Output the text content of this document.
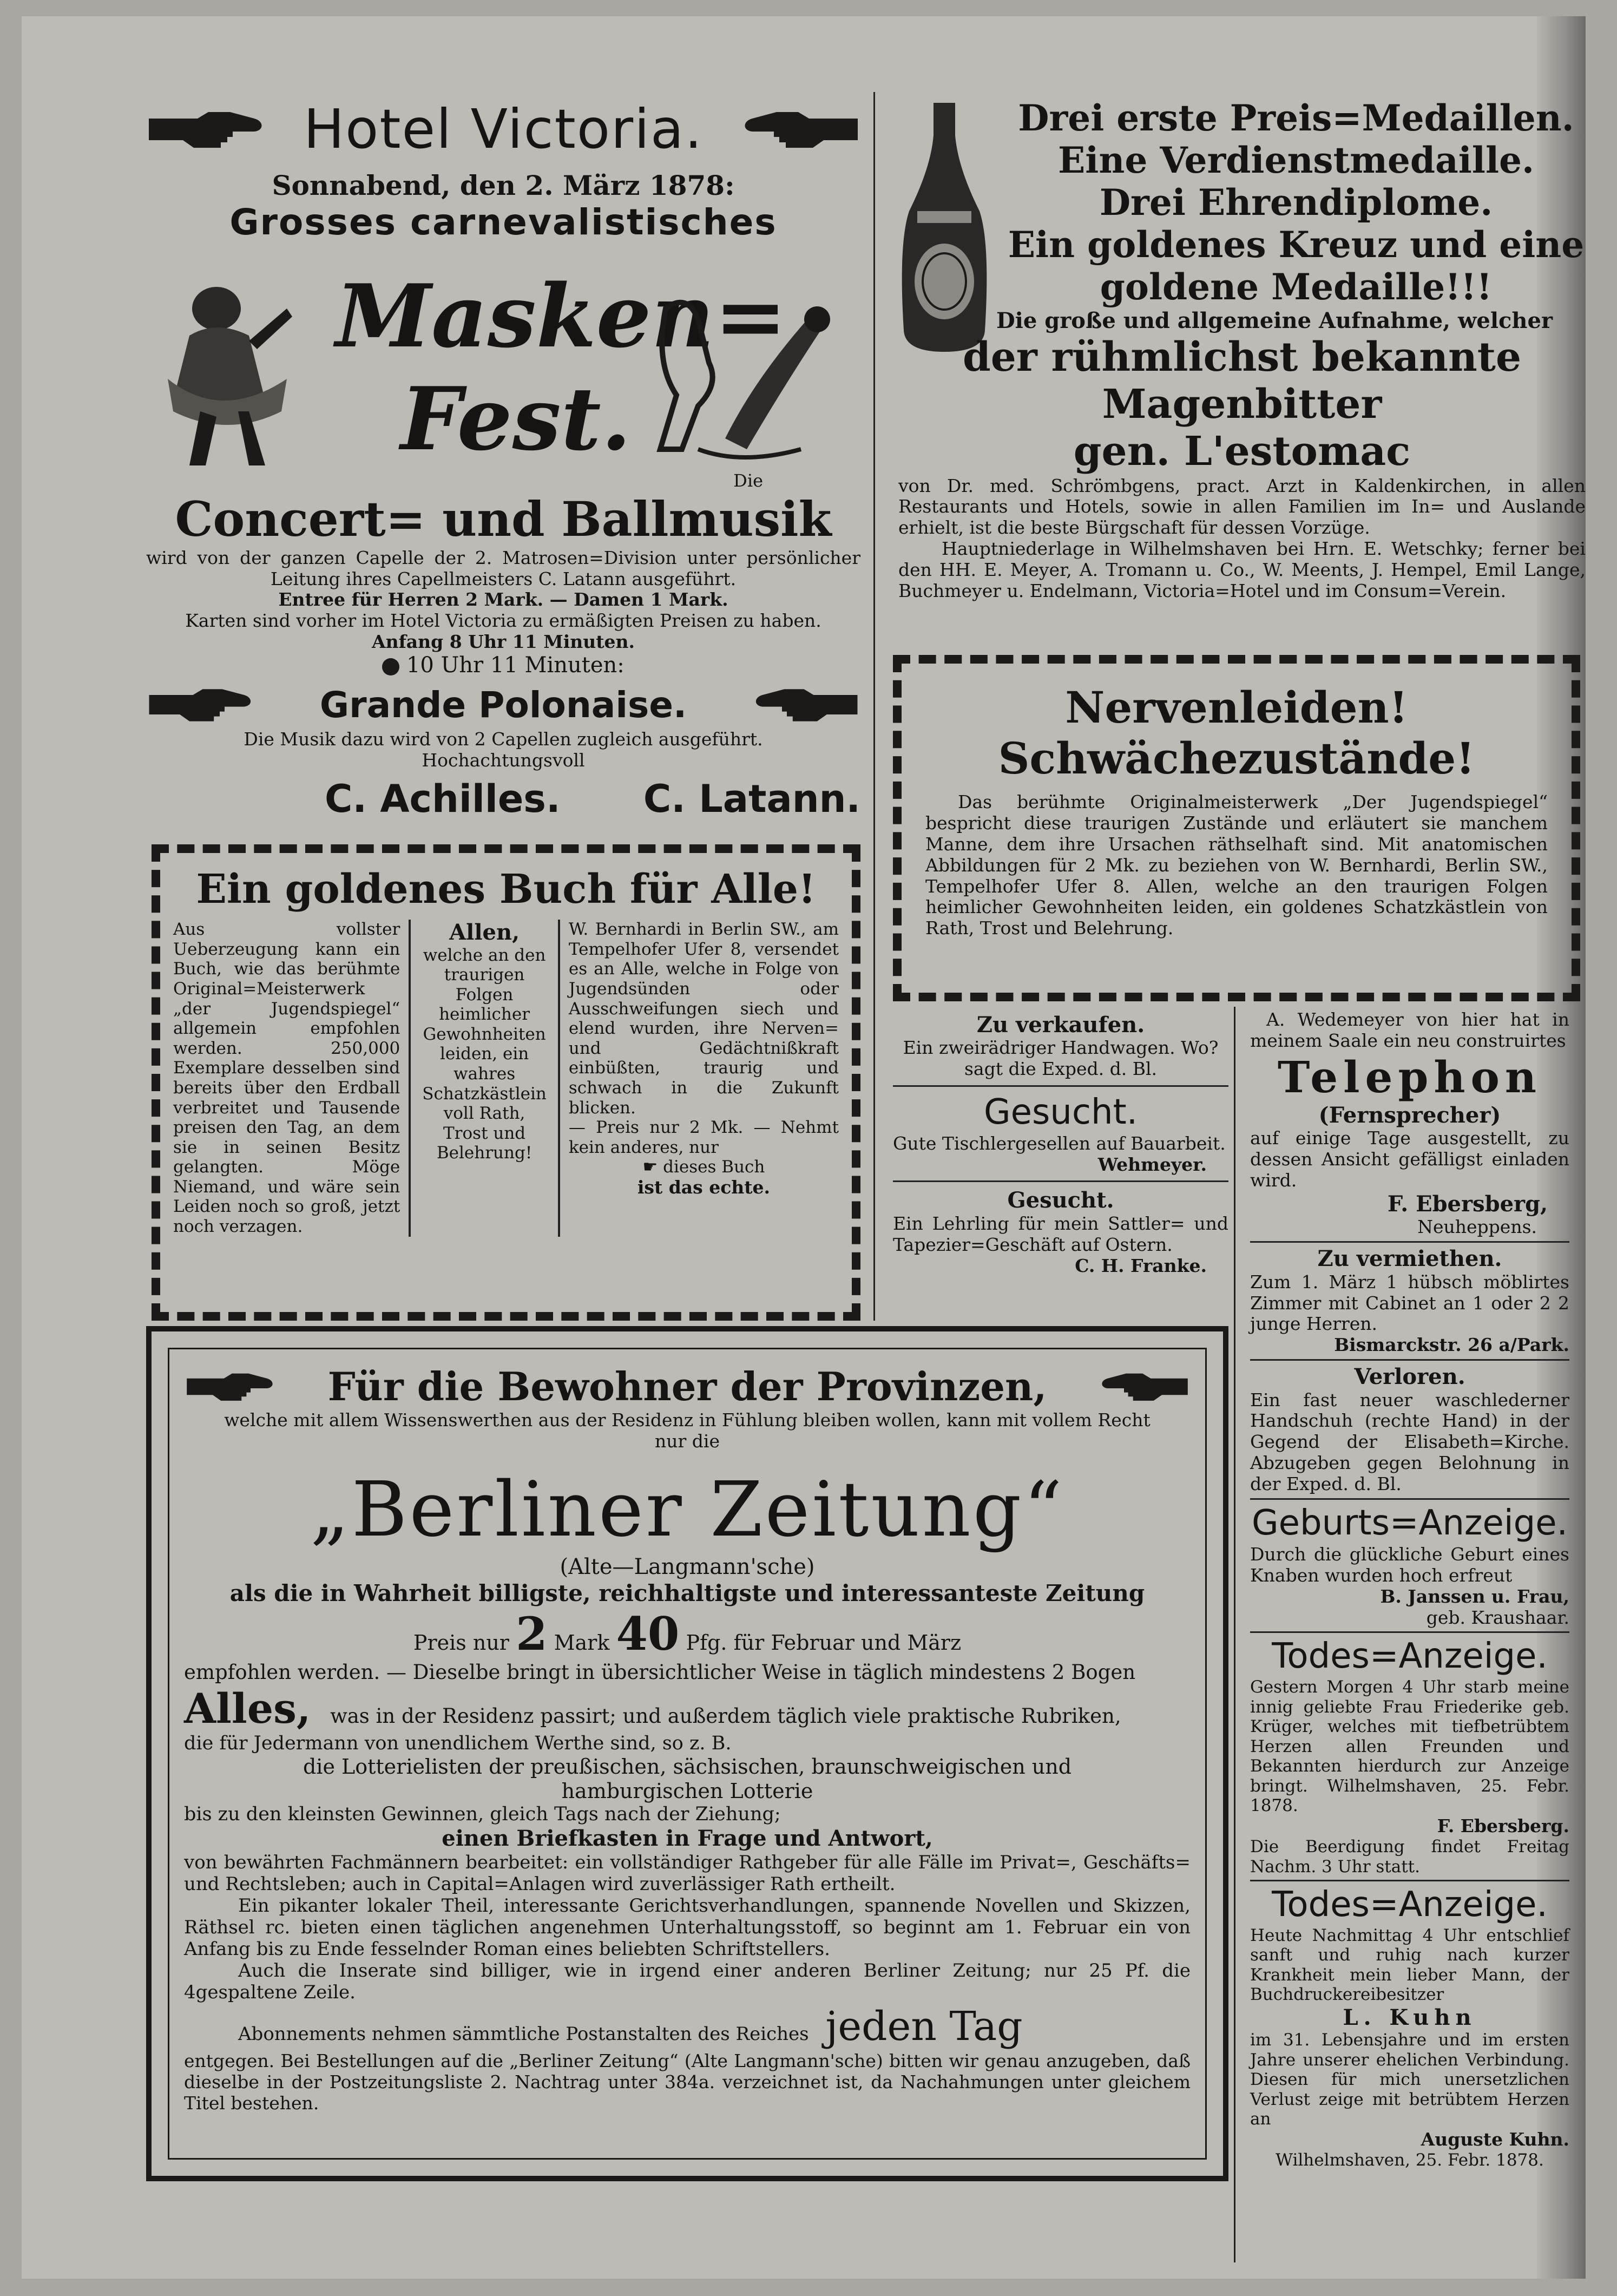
Hotel Victoria.
Sonnabend, den 2. März 1878:
Grosses carnevalistisches
Masken=
Fest.
Die
Concert= und Ballmusik
wird von der ganzen Capelle der 2. Matrosen=Division unter persönlicher Leitung ihres Capellmeisters C. Latann ausgeführt.
Entree für Herren 2 Mark. — Damen 1 Mark.
Karten sind vorher im Hotel Victoria zu ermäßigten Preisen zu haben.
Anfang 8 Uhr 11 Minuten.
10 Uhr 11 Minuten:
Grande Polonaise.
Die Musik dazu wird von 2 Capellen zugleich ausgeführt.
Hochachtungsvoll
C. Achilles. C. Latann.
Ein goldenes Buch für Alle!
Aus vollster Ueberzeugung kann ein Buch, wie das berühmte Original=Meisterwerk „der Jugendspiegel“ allgemein empfohlen werden. 250,000 Exemplare desselben sind bereits über den Erdball verbreitet und Tausende preisen den Tag, an dem sie in seinen Besitz gelangten. Möge Niemand, und wäre sein Leiden noch so groß, jetzt noch verzagen.
Allen,
welche an den traurigen Folgen heimlicher Gewohnheiten leiden, ein wahres Schatzkästlein voll Rath, Trost und Belehrung!
W. Bernhardi in Berlin SW., am Tempelhofer Ufer 8, versendet es an Alle, welche in Folge von Jugendsünden oder Ausschweifungen siech und elend wurden, ihre Nerven= und Gedächtnißkraft einbüßten, traurig und schwach in die Zukunft blicken.
— Preis nur 2 Mk. — Nehmt kein anderes, nur
☛ dieses Buch
ist das echte.
Drei erste Preis=Medaillen.
Eine Verdienstmedaille.
Drei Ehrendiplome.
Ein goldenes Kreuz und eine
goldene Medaille!!!
Die große und allgemeine Aufnahme, welcher
der rühmlichst bekannte Magenbitter
gen. L'estomac
von Dr. med. Schrömbgens, pract. Arzt in Kaldenkirchen, in allen Restaurants und Hotels, sowie in allen Familien im In= und Auslande erhielt, ist die beste Bürgschaft für dessen Vorzüge.
Hauptniederlage in Wilhelmshaven bei Hrn. E. Wetschky; ferner bei den HH. E. Meyer, A. Tromann u. Co., W. Meents, J. Hempel, Emil Lange, Buchmeyer u. Endelmann, Victoria=Hotel und im Consum=Verein.
Nervenleiden!
Schwächezustände!
Das berühmte Originalmeisterwerk „Der Jugendspiegel“ bespricht diese traurigen Zustände und erläutert sie manchem Manne, dem ihre Ursachen räthselhaft sind. Mit anatomischen Abbildungen für 2 Mk. zu beziehen von W. Bernhardi, Berlin SW., Tempelhofer Ufer 8. Allen, welche an den traurigen Folgen heimlicher Gewohnheiten leiden, ein goldenes Schatzkästlein von Rath, Trost und Belehrung.
Zu verkaufen.
Ein zweirädriger Handwagen. Wo? sagt die Exped. d. Bl.
Gesucht.
Gute Tischlergesellen auf Bauarbeit.
Wehmeyer.
Gesucht.
Ein Lehrling für mein Sattler= und Tapezier=Geschäft auf Ostern.
C. H. Franke.
A. Wedemeyer von hier hat in meinem Saale ein neu construirtes
Telephon
(Fernsprecher)
auf einige Tage ausgestellt, zu dessen Ansicht gefälligst einladen wird.
F. Ebersberg,
Neuheppens.
Zu vermiethen.
Zum 1. März 1 hübsch möblirtes Zimmer mit Cabinet an 1 oder 2 2 junge Herren.
Bismarckstr. 26 a/Park.
Verloren.
Ein fast neuer waschlederner Handschuh (rechte Hand) in der Gegend der Elisabeth=Kirche. Abzugeben gegen Belohnung in der Exped. d. Bl.
Geburts=Anzeige.
Durch die glückliche Geburt eines Knaben wurden hoch erfreut
B. Janssen u. Frau,
geb. Kraushaar.
Todes=Anzeige.
Gestern Morgen 4 Uhr starb meine innig geliebte Frau Friederike geb. Krüger, welches mit tiefbetrübtem Herzen allen Freunden und Bekannten hierdurch zur Anzeige bringt. Wilhelmshaven, 25. Febr. 1878.
F. Ebersberg.
Die Beerdigung findet Freitag Nachm. 3 Uhr statt.
Todes=Anzeige.
Heute Nachmittag 4 Uhr entschlief sanft und ruhig nach kurzer Krankheit mein lieber Mann, der Buchdruckereibesitzer
L. Kuhn
im 31. Lebensjahre und im ersten Jahre unserer ehelichen Verbindung. Diesen für mich unersetzlichen Verlust zeige mit betrübtem Herzen an
Auguste Kuhn.
Wilhelmshaven, 25. Febr. 1878.
Für die Bewohner der Provinzen,
welche mit allem Wissenswerthen aus der Residenz in Fühlung bleiben wollen, kann mit vollem Recht nur die
„Berliner Zeitung“
(Alte—Langmann'sche)
als die in Wahrheit billigste, reichhaltigste und interessanteste Zeitung
Preis nur 2 Mark 40 Pfg. für Februar und März
empfohlen werden. — Dieselbe bringt in übersichtlicher Weise in täglich mindestens 2 Bogen
Alles, was in der Residenz passirt; und außerdem täglich viele praktische Rubriken,
die für Jedermann von unendlichem Werthe sind, so z. B.
die Lotterielisten der preußischen, sächsischen, braunschweigischen und hamburgischen Lotterie
bis zu den kleinsten Gewinnen, gleich Tags nach der Ziehung;
einen Briefkasten in Frage und Antwort,
von bewährten Fachmännern bearbeitet: ein vollständiger Rathgeber für alle Fälle im Privat=, Geschäfts= und Rechtsleben; auch in Capital=Anlagen wird zuverlässiger Rath ertheilt.
Ein pikanter lokaler Theil, interessante Gerichtsverhandlungen, spannende Novellen und Skizzen, Räthsel rc. bieten einen täglichen angenehmen Unterhaltungsstoff, so beginnt am 1. Februar ein von Anfang bis zu Ende fesselnder Roman eines beliebten Schriftstellers.
Auch die Inserate sind billiger, wie in irgend einer anderen Berliner Zeitung; nur 25 Pf. die 4gespaltene Zeile.
Abonnements nehmen sämmtliche Postanstalten des Reiches jeden Tag
entgegen. Bei Bestellungen auf die „Berliner Zeitung“ (Alte Langmann'sche) bitten wir genau anzugeben, daß dieselbe in der Postzeitungsliste 2. Nachtrag unter 384a. verzeichnet ist, da Nachahmungen unter gleichem Titel bestehen.
